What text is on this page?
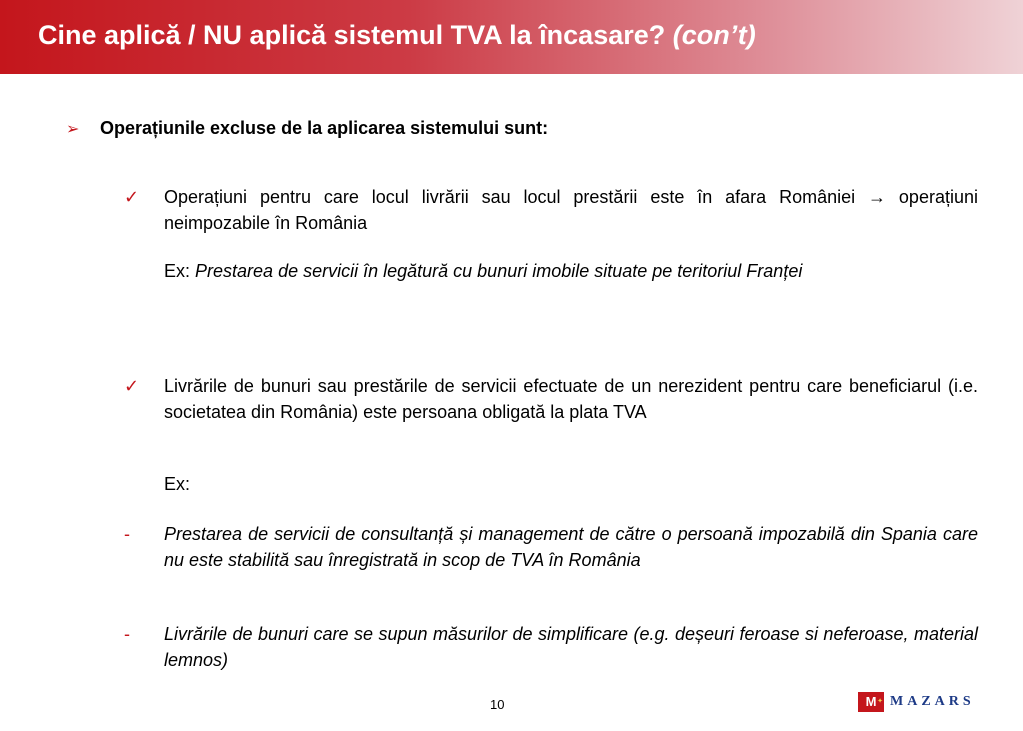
Cine aplică / NU aplică sistemul TVA la încasare? (con’t)
➢ Operațiunile excluse de la aplicarea sistemului sunt:
✓	Operațiuni pentru care locul livrării sau locul prestării este în afara României → operațiuni neimpozabile în România
Ex: Prestarea de servicii în legătură cu bunuri imobile situate pe teritoriul Franței
✓	Livrările de bunuri sau prestările de servicii efectuate de un nerezident pentru care beneficiarul (i.e. societatea din România) este persoana obligată la plata TVA
Ex:
-	Prestarea de servicii de consultanță și management de către o persoană impozabilă din Spania care nu este stabilită sau înregistrată in scop de TVA în România
-	Livrările de bunuri care se supun măsurilor de simplificare (e.g. deșeuri feroase si neferoase, material lemnos)
10	M ✦ MAZARS
